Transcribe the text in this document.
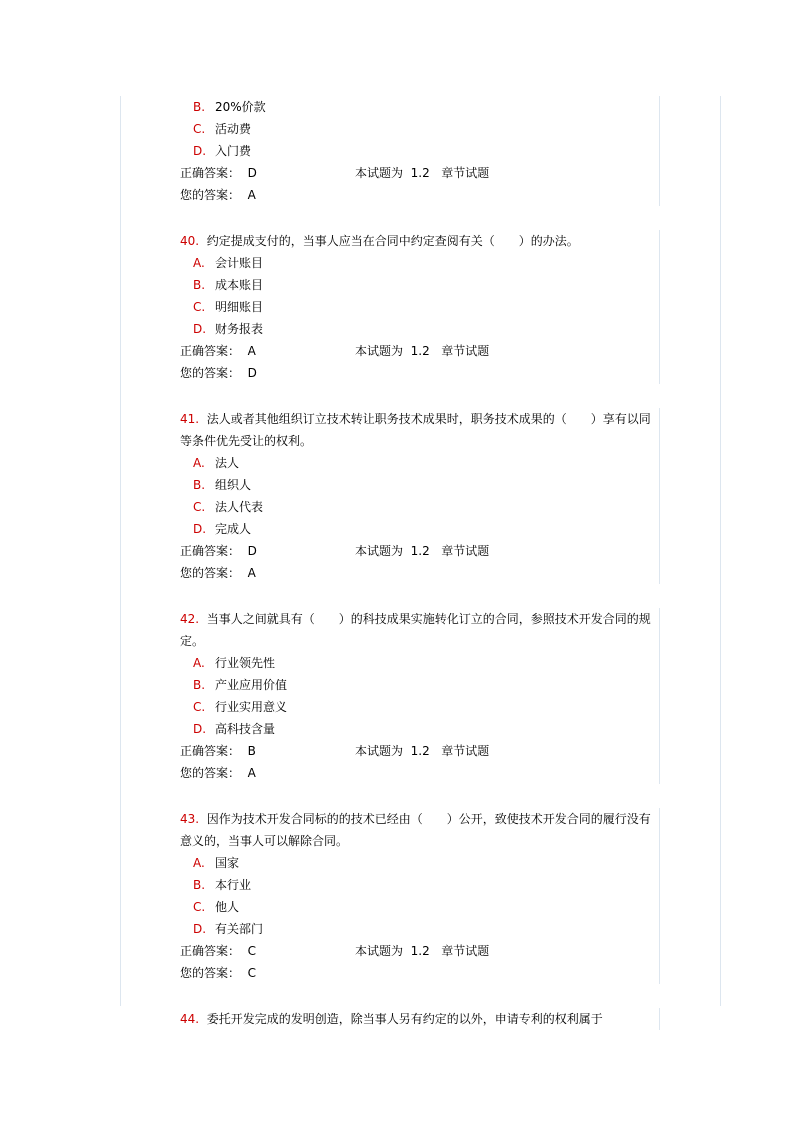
B. 20%价款
C. 活动费
D. 入门费
正确答案： D	本试题为 1.2 章节试题
您的答案： A
40. 约定提成支付的，当事人应当在合同中约定查阅有关（　　）的办法。
A. 会计账目
B. 成本账目
C. 明细账目
D. 财务报表
正确答案： A	本试题为 1.2 章节试题
您的答案： D
41. 法人或者其他组织订立技术转让职务技术成果时，职务技术成果的（　　）享有以同等条件优先受让的权利。
A. 法人
B. 组织人
C. 法人代表
D. 完成人
正确答案： D	本试题为 1.2 章节试题
您的答案： A
42. 当事人之间就具有（　　）的科技成果实施转化订立的合同，参照技术开发合同的规定。
A. 行业领先性
B. 产业应用价值
C. 行业实用意义
D. 高科技含量
正确答案： B	本试题为 1.2 章节试题
您的答案： A
43. 因作为技术开发合同标的的技术已经由（　　）公开，致使技术开发合同的履行没有意义的，当事人可以解除合同。
A. 国家
B. 本行业
C. 他人
D. 有关部门
正确答案： C	本试题为 1.2 章节试题
您的答案： C
44. 委托开发完成的发明创造，除当事人另有约定的以外，申请专利的权利属于
